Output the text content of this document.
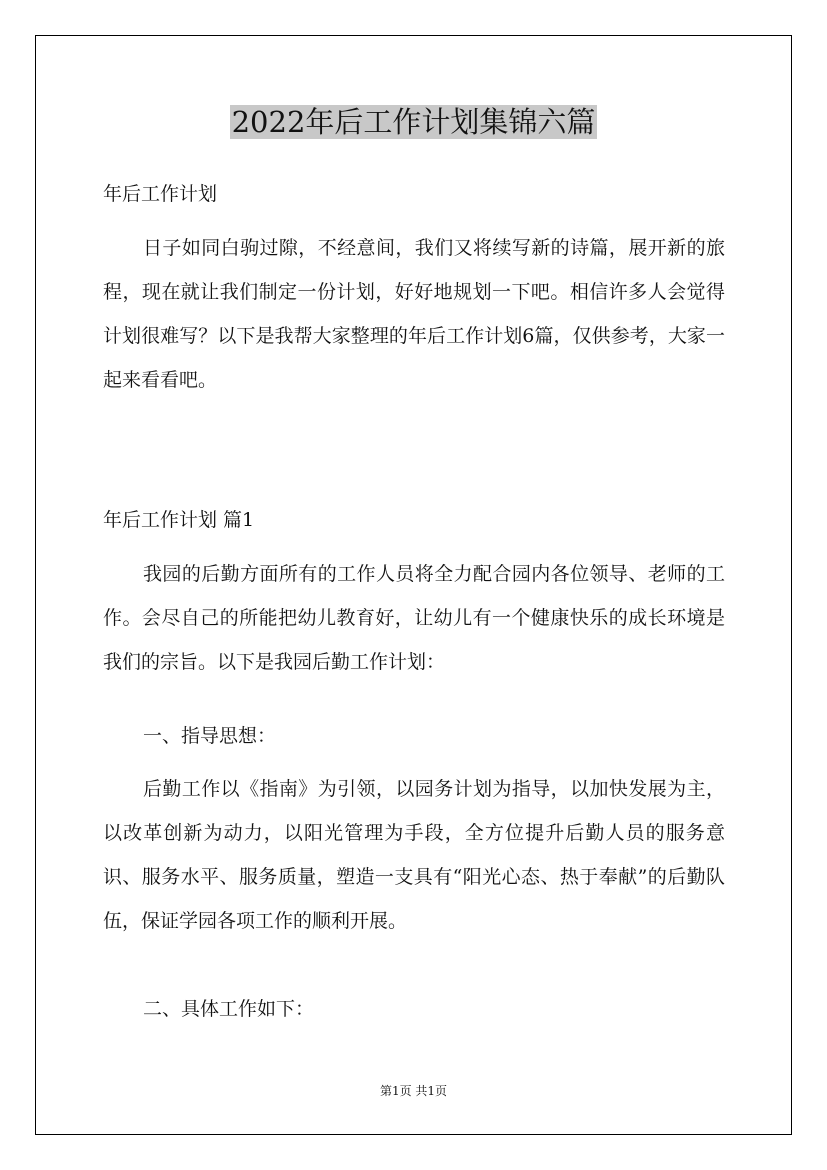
2022年后工作计划集锦六篇

年后工作计划

日子如同白驹过隙，不经意间，我们又将续写新的诗篇，展开新的旅程，现在就让我们制定一份计划，好好地规划一下吧。相信许多人会觉得计划很难写？以下是我帮大家整理的年后工作计划6篇，仅供参考，大家一起来看看吧。

年后工作计划 篇1

我园的后勤方面所有的工作人员将全力配合园内各位领导、老师的工作。会尽自己的所能把幼儿教育好，让幼儿有一个健康快乐的成长环境是我们的宗旨。以下是我园后勤工作计划：

一、指导思想：

后勤工作以《指南》为引领，以园务计划为指导，以加快发展为主，以改革创新为动力，以阳光管理为手段，全方位提升后勤人员的服务意识、服务水平、服务质量，塑造一支具有“阳光心态、热于奉献”的后勤队伍，保证学园各项工作的顺利开展。

二、具体工作如下：

第1页 共1页
